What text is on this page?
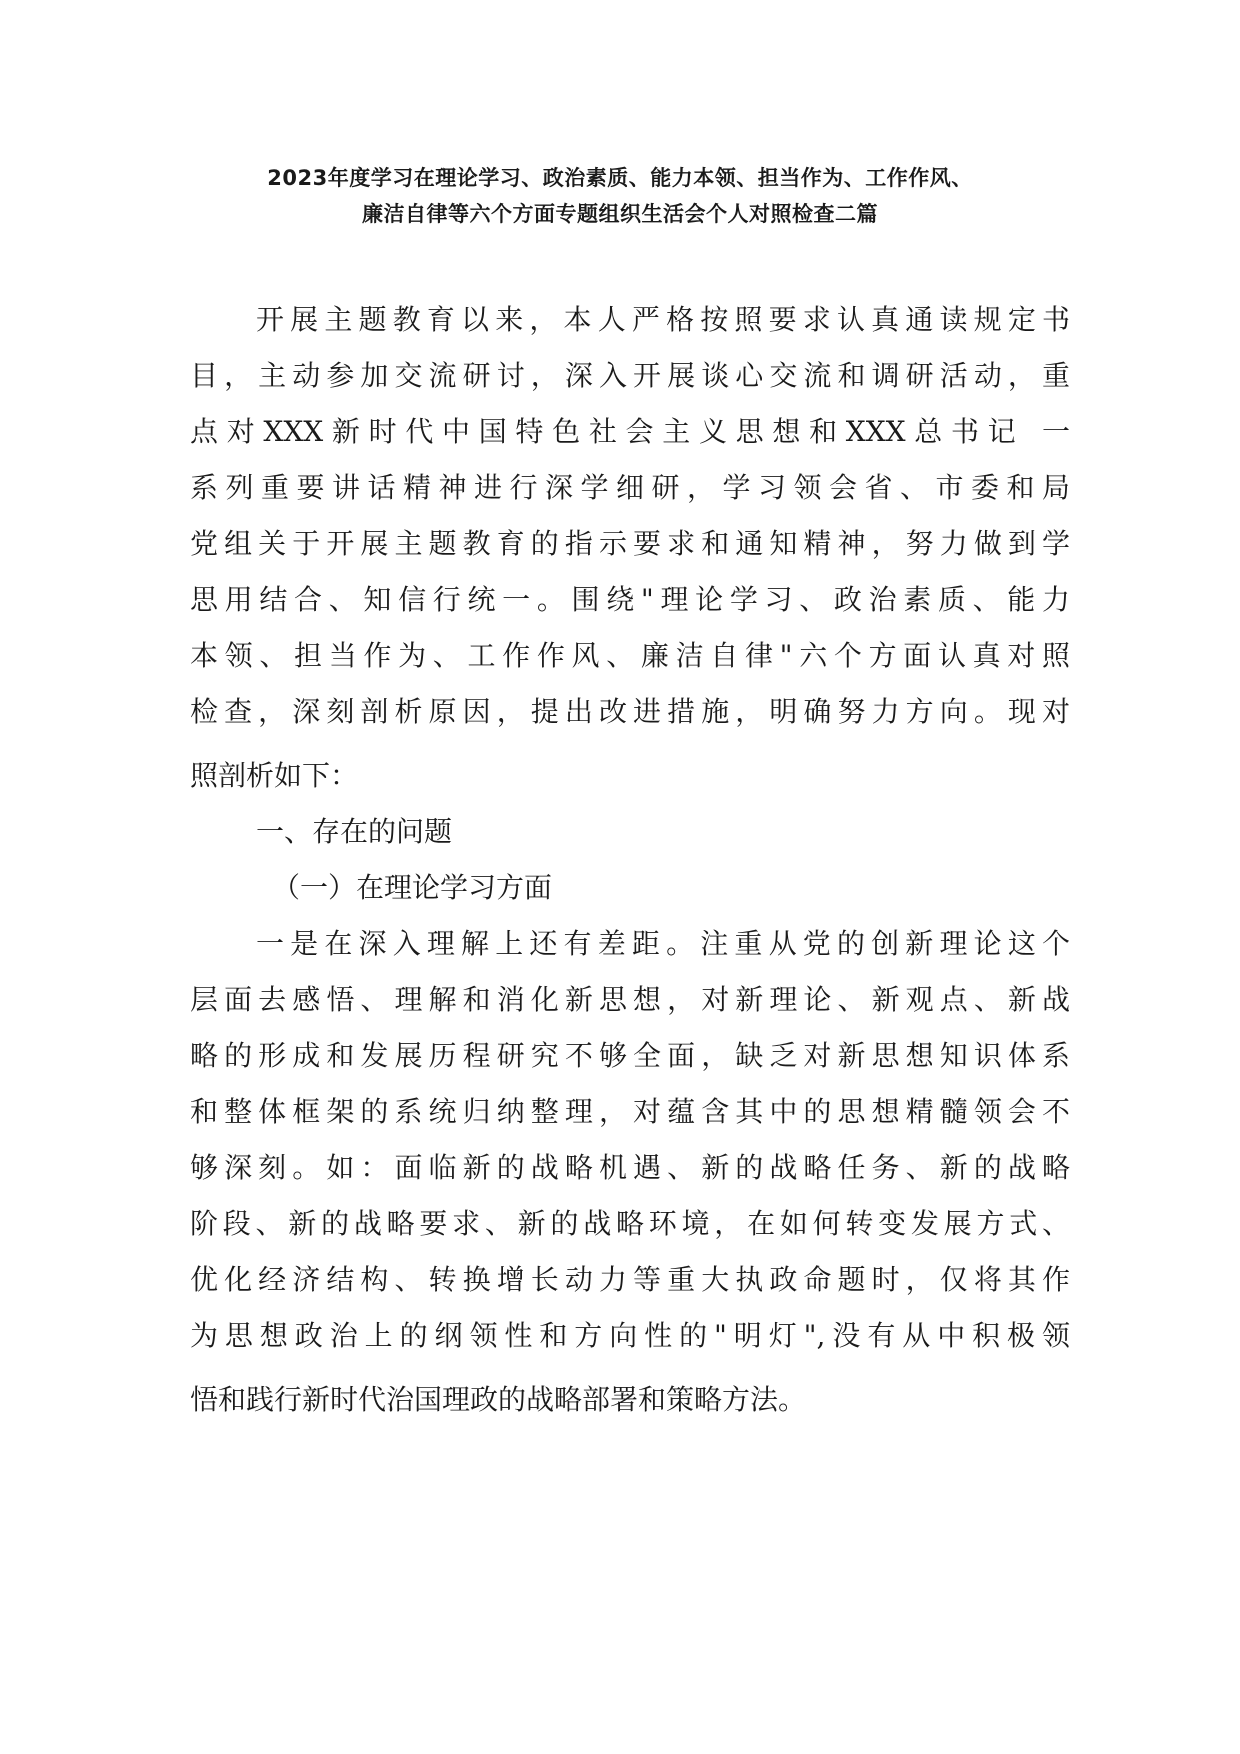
2023年度学习在理论学习、政治素质、能力本领、担当作为、工作作风、
廉洁自律等六个方面专题组织生活会个人对照检查二篇
开展主题教育以来，本人严格按照要求认真通读规定书
目，主动参加交流研讨，深入开展谈心交流和调研活动，重
点对XXX新时代中国特色社会主义思想和XXX总书记 一
系列重要讲话精神进行深学细研，学习领会省、市委和局
党组关于开展主题教育的指示要求和通知精神，努力做到学
思用结合、知信行统一。围绕"理论学习、政治素质、能力
本领、担当作为、工作作风、廉洁自律"六个方面认真对照
检查，深刻剖析原因，提出改进措施，明确努力方向。现对
照剖析如下：
一、存在的问题
（一）在理论学习方面
一是在深入理解上还有差距。注重从党的创新理论这个
层面去感悟、理解和消化新思想，对新理论、新观点、新战
略的形成和发展历程研究不够全面，缺乏对新思想知识体系
和整体框架的系统归纳整理，对蕴含其中的思想精髓领会不
够深刻。如：面临新的战略机遇、新的战略任务、新的战略
阶段、新的战略要求、新的战略环境，在如何转变发展方式、
优化经济结构、转换增长动力等重大执政命题时，仅将其作
为思想政治上的纲领性和方向性的"明灯",没有从中积极领
悟和践行新时代治国理政的战略部署和策略方法。
